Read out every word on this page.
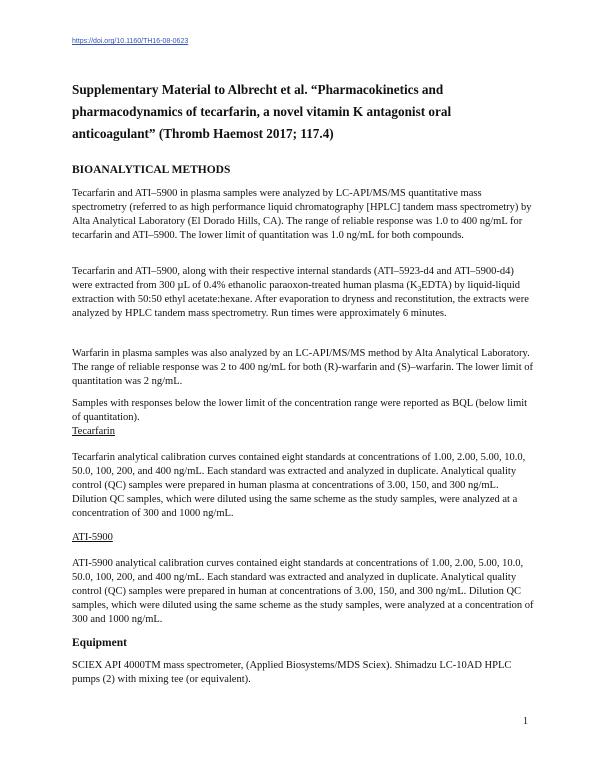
https://doi.org/10.1160/TH16-08-0623

Supplementary Material to Albrecht et al. “Pharmacokinetics and pharmacodynamics of tecarfarin, a novel vitamin K antagonist oral anticoagulant” (Thromb Haemost 2017; 117.4)

BIOANALYTICAL METHODS

Tecarfarin and ATI–5900 in plasma samples were analyzed by LC-API/MS/MS quantitative mass spectrometry (referred to as high performance liquid chromatography [HPLC] tandem mass spectrometry) by Alta Analytical Laboratory (El Dorado Hills, CA). The range of reliable response was 1.0 to 400 ng/mL for tecarfarin and ATI–5900. The lower limit of quantitation was 1.0 ng/mL for both compounds.

Tecarfarin and ATI–5900, along with their respective internal standards (ATI–5923-d4 and ATI–5900-d4) were extracted from 300 µL of 0.4% ethanolic paraoxon-treated human plasma $(K_3EDTA)$ by liquid-liquid extraction with 50:50 ethyl acetate:hexane. After evaporation to dryness and reconstitution, the extracts were analyzed by HPLC tandem mass spectrometry. Run times were approximately 6 minutes.

Warfarin in plasma samples was also analyzed by an LC-API/MS/MS method by Alta Analytical Laboratory. The range of reliable response was 2 to 400 ng/mL for both (R)-warfarin and (S)–warfarin. The lower limit of quantitation was 2 ng/mL.

Samples with responses below the lower limit of the concentration range were reported as BQL (below limit of quantitation).

Tecarfarin

Tecarfarin analytical calibration curves contained eight standards at concentrations of 1.00, 2.00, 5.00, 10.0, 50.0, 100, 200, and 400 ng/mL. Each standard was extracted and analyzed in duplicate. Analytical quality control (QC) samples were prepared in human plasma at concentrations of 3.00, 150, and 300 ng/mL. Dilution QC samples, which were diluted using the same scheme as the study samples, were analyzed at a concentration of 300 and 1000 ng/mL.

ATI-5900

ATI-5900 analytical calibration curves contained eight standards at concentrations of 1.00, 2.00, 5.00, 10.0, 50.0, 100, 200, and 400 ng/mL. Each standard was extracted and analyzed in duplicate. Analytical quality control (QC) samples were prepared in human at concentrations of 3.00, 150, and 300 ng/mL. Dilution QC samples, which were diluted using the same scheme as the study samples, were analyzed at a concentration of 300 and 1000 ng/mL.

Equipment

SCIEX API 4000TM mass spectrometer, (Applied Biosystems/MDS Sciex). Shimadzu LC-10AD HPLC pumps (2) with mixing tee (or equivalent).

1
